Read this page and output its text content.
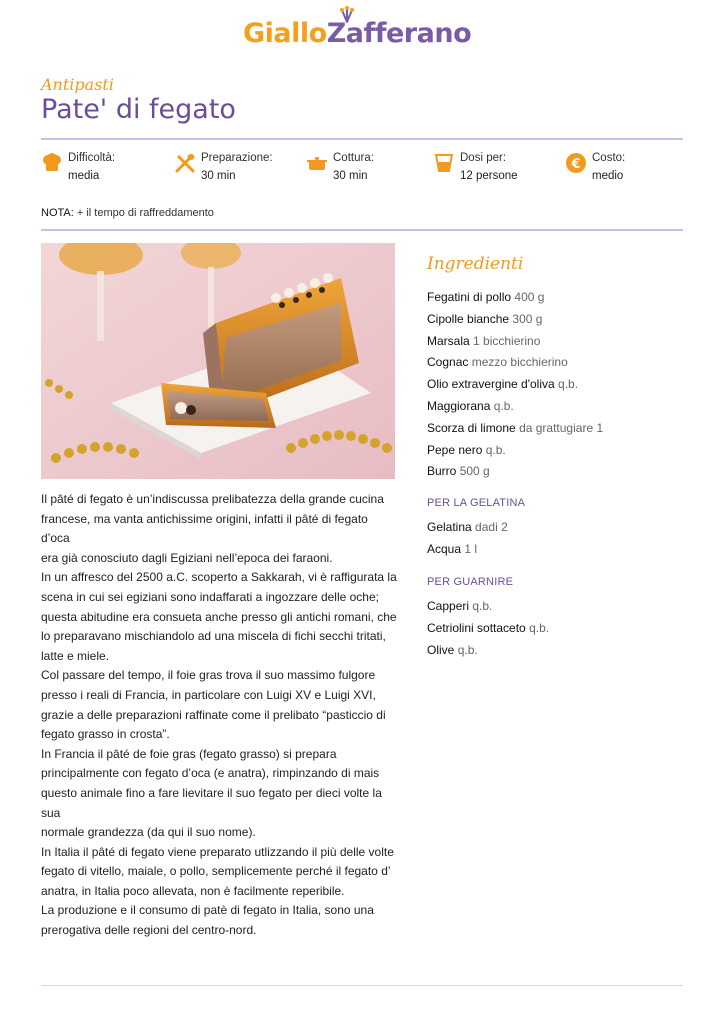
GialloZafferano
Antipasti
Pate' di fegato
Difficoltà:
media
Preparazione:
30 min
Cottura:
30 min
Dosi per:
12 persone
€ Costo:
medio
NOTA: + il tempo di raffreddamento

Il pâté di fegato è un’indiscussa prelibatezza della grande cucina

francese, ma vanta antichissime origini, infatti il pâté di fegato d’oca

era già conosciuto dagli Egiziani nell’epoca dei faraoni.

In un affresco del 2500 a.C. scoperto a Sakkarah, vi è raffigurata la

scena in cui sei egiziani sono indaffarati a ingozzare delle oche;

questa abitudine era consueta anche presso gli antichi romani, che

lo preparavano mischiandolo ad una miscela di fichi secchi tritati,

latte e miele.

Col passare del tempo, il foie gras trova il suo massimo fulgore

presso i reali di Francia, in particolare con Luigi XV e Luigi XVI,

grazie a delle preparazioni raffinate come il prelibato “pasticcio di

fegato grasso in crosta”.

In Francia il pâté de foie gras (fegato grasso) si prepara

principalmente con fegato d’oca (e anatra), rimpinzando di mais

questo animale fino a fare lievitare il suo fegato per dieci volte la sua

normale grandezza (da qui il suo nome).

In Italia il pâté di fegato viene preparato utlizzando il più delle volte

fegato di vitello, maiale, o pollo, semplicemente perché il fegato d’

anatra, in Italia poco allevata, non è facilmente reperibile.

La produzione e il consumo di patè di fegato in Italia, sono una

prerogativa delle regioni del centro-nord.

Ingredienti
Fegatini di pollo 400 g
Cipolle bianche 300 g
Marsala 1 bicchierino
Cognac mezzo bicchierino
Olio extravergine d'oliva q.b.
Maggiorana q.b.
Scorza di limone da grattugiare 1
Pepe nero q.b.
Burro 500 g
PER LA GELATINA
Gelatina dadi 2
Acqua 1 l
PER GUARNIRE
Capperi q.b.
Cetriolini sottaceto q.b.
Olive q.b.
